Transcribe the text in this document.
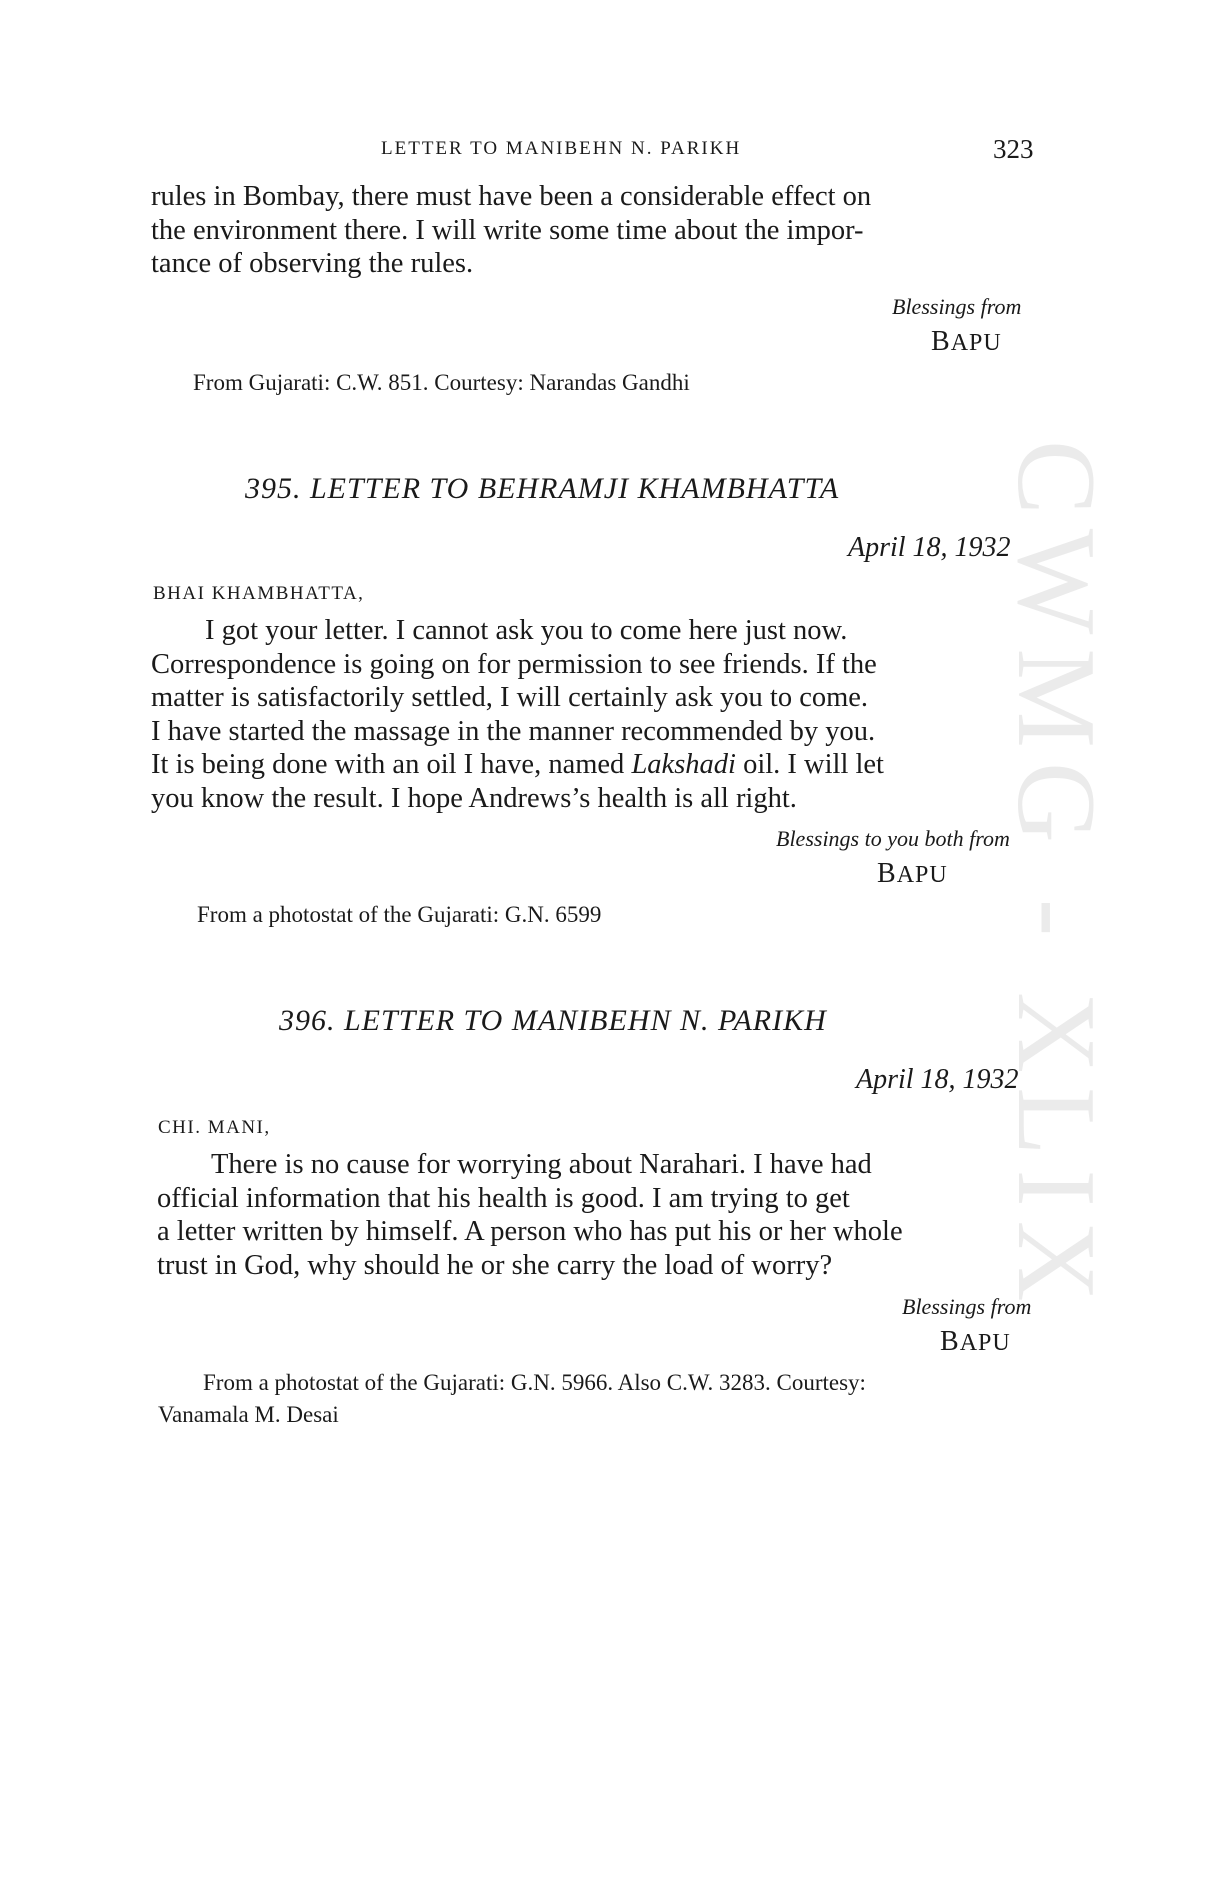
CWMG - XLIX
LETTER TO MANIBEHN N. PARIKH	323
rules in Bombay, there must have been a considerable effect on
the environment there. I will write some time about the impor-
tance of observing the rules.
Blessings from
BAPU
From Gujarati: C.W. 851. Courtesy: Narandas Gandhi
395. LETTER TO BEHRAMJI KHAMBHATTA
April 18, 1932
BHAI KHAMBHATTA,
I got your letter. I cannot ask you to come here just now.
Correspondence is going on for permission to see friends. If the
matter is satisfactorily settled, I will certainly ask you to come.
I have started the massage in the manner recommended by you.
It is being done with an oil I have, named Lakshadi oil. I will let
you know the result. I hope Andrews’s health is all right.
Blessings to you both from
BAPU
From a photostat of the Gujarati: G.N. 6599
396. LETTER TO MANIBEHN N. PARIKH
April 18, 1932
CHI. MANI,
There is no cause for worrying about Narahari. I have had
official information that his health is good. I am trying to get
a letter written by himself. A person who has put his or her whole
trust in God, why should he or she carry the load of worry?
Blessings from
BAPU
From a photostat of the Gujarati: G.N. 5966. Also C.W. 3283. Courtesy:
Vanamala M. Desai
